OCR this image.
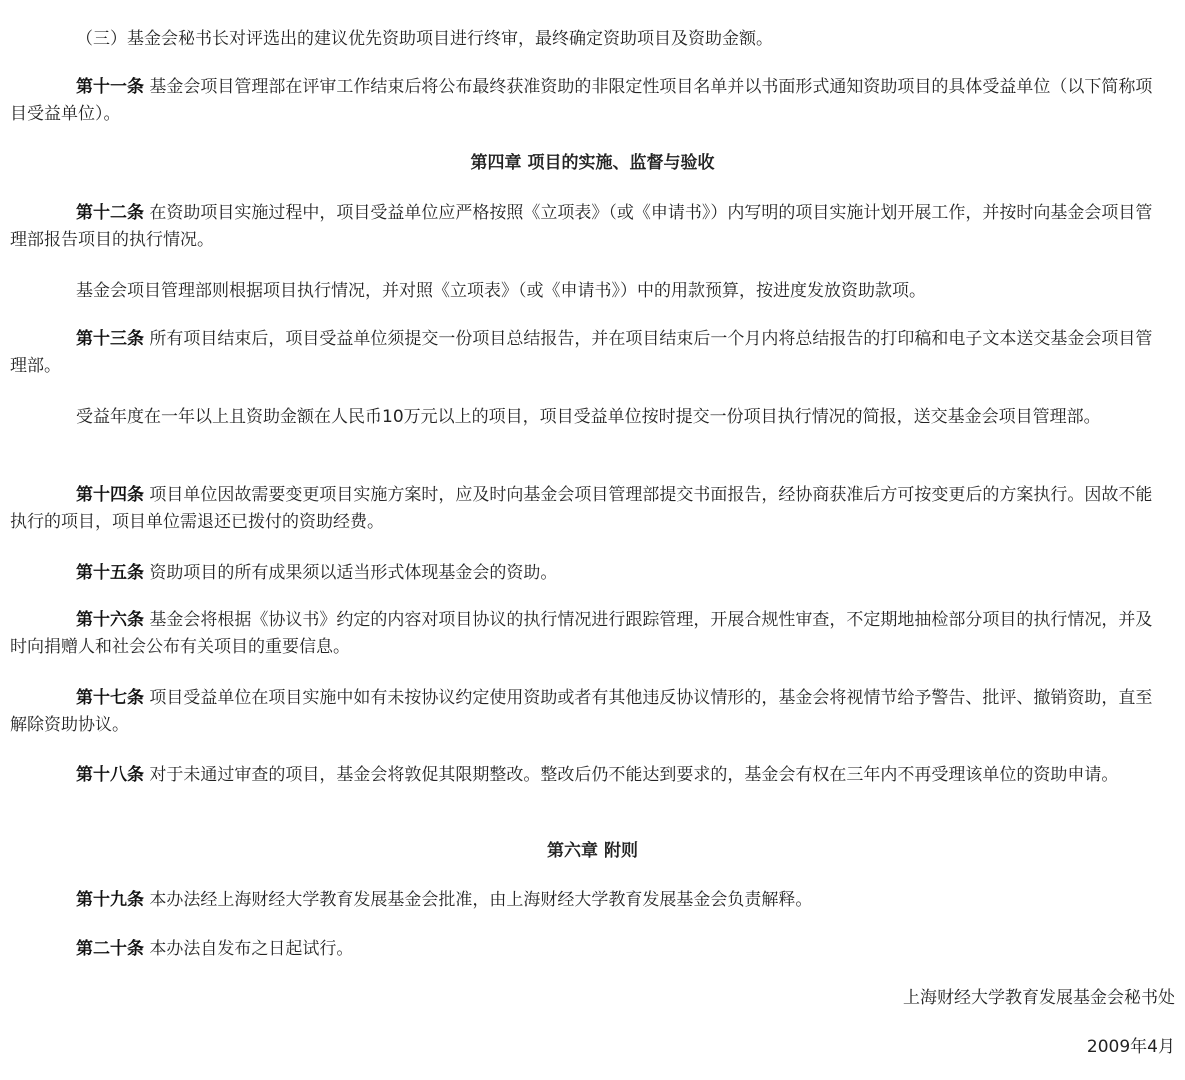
（三）基金会秘书长对评选出的建议优先资助项目进行终审，最终确定资助项目及资助金额。

第十一条 基金会项目管理部在评审工作结束后将公布最终获准资助的非限定性项目名单并以书面形式通知资助项目的具体受益单位（以下简称项目受益单位）。

第四章 项目的实施、监督与验收

第十二条 在资助项目实施过程中，项目受益单位应严格按照《立项表》（或《申请书》）内写明的项目实施计划开展工作，并按时向基金会项目管理部报告项目的执行情况。

基金会项目管理部则根据项目执行情况，并对照《立项表》（或《申请书》）中的用款预算，按进度发放资助款项。

第十三条 所有项目结束后，项目受益单位须提交一份项目总结报告，并在项目结束后一个月内将总结报告的打印稿和电子文本送交基金会项目管理部。

受益年度在一年以上且资助金额在人民币10万元以上的项目，项目受益单位按时提交一份项目执行情况的简报，送交基金会项目管理部。

第十四条 项目单位因故需要变更项目实施方案时，应及时向基金会项目管理部提交书面报告，经协商获准后方可按变更后的方案执行。因故不能执行的项目，项目单位需退还已拨付的资助经费。

第十五条 资助项目的所有成果须以适当形式体现基金会的资助。

第十六条 基金会将根据《协议书》约定的内容对项目协议的执行情况进行跟踪管理，开展合规性审查，不定期地抽检部分项目的执行情况，并及时向捐赠人和社会公布有关项目的重要信息。

第十七条 项目受益单位在项目实施中如有未按协议约定使用资助或者有其他违反协议情形的，基金会将视情节给予警告、批评、撤销资助，直至解除资助协议。

第十八条 对于未通过审查的项目，基金会将敦促其限期整改。整改后仍不能达到要求的，基金会有权在三年内不再受理该单位的资助申请。

第六章 附则

第十九条 本办法经上海财经大学教育发展基金会批准，由上海财经大学教育发展基金会负责解释。

第二十条 本办法自发布之日起试行。

上海财经大学教育发展基金会秘书处

2009年4月
